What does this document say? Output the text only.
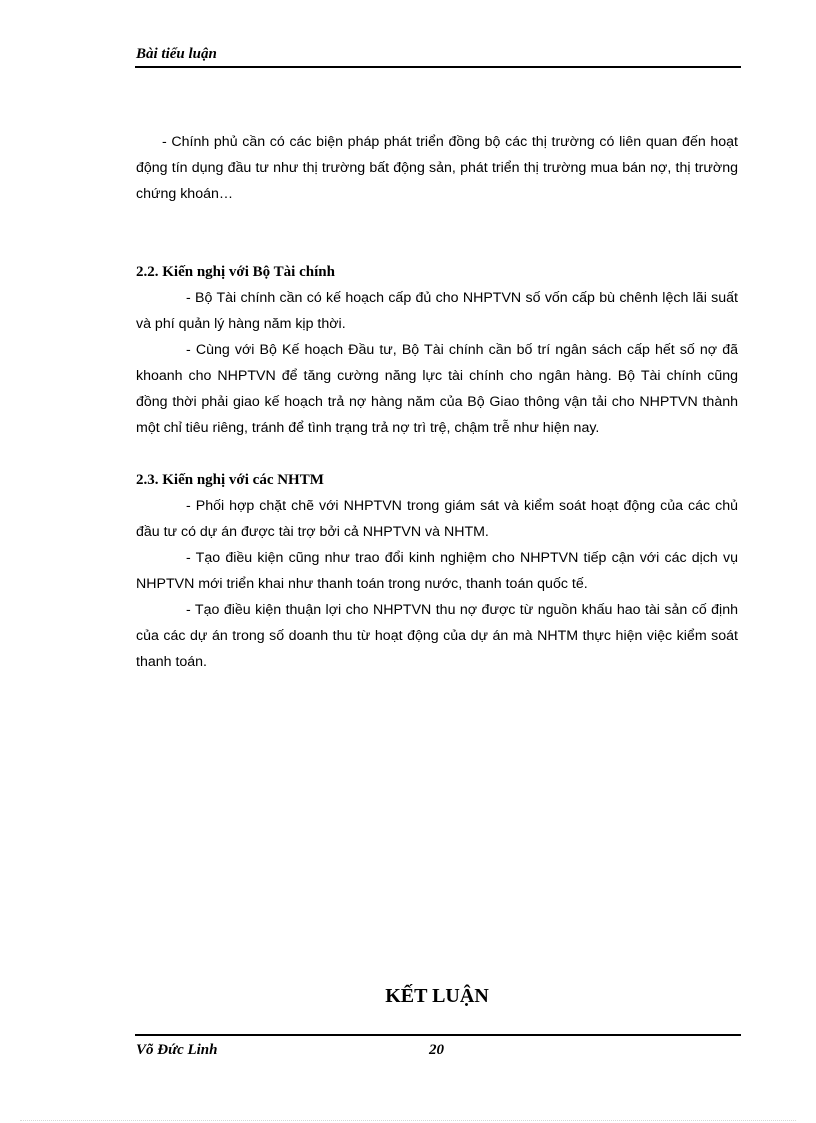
Bài tiểu luận

- Chính phủ cần có các biện pháp phát triển đồng bộ các thị trường có liên quan đến hoạt động tín dụng đầu tư như thị trường bất động sản, phát triển thị trường mua bán nợ, thị trường chứng khoán…

2.2. Kiến nghị với Bộ Tài chính

- Bộ Tài chính cần có kế hoạch cấp đủ cho NHPTVN số vốn cấp bù chênh lệch lãi suất và phí quản lý hàng năm kịp thời.

- Cùng với Bộ Kế hoạch Đầu tư, Bộ Tài chính cần bố trí ngân sách cấp hết số nợ đã khoanh cho NHPTVN để tăng cường năng lực tài chính cho ngân hàng. Bộ Tài chính cũng đồng thời phải giao kế hoạch trả nợ hàng năm của Bộ Giao thông vận tải cho NHPTVN thành một chỉ tiêu riêng, tránh để tình trạng trả nợ trì trệ, chậm trễ như hiện nay.

2.3. Kiến nghị với các NHTM

- Phối hợp chặt chẽ với NHPTVN trong giám sát và kiểm soát hoạt động của các chủ đầu tư có dự án được tài trợ bởi cả NHPTVN và NHTM.

- Tạo điều kiện cũng như trao đổi kinh nghiệm cho NHPTVN tiếp cận với các dịch vụ NHPTVN mới triển khai như thanh toán trong nước, thanh toán quốc tế.

- Tạo điều kiện thuận lợi cho NHPTVN thu nợ được từ nguồn khấu hao tài sản cố định của các dự án trong số doanh thu từ hoạt động của dự án mà NHTM thực hiện việc kiểm soát thanh toán.

KẾT LUẬN
Võ Đức Linh	20
